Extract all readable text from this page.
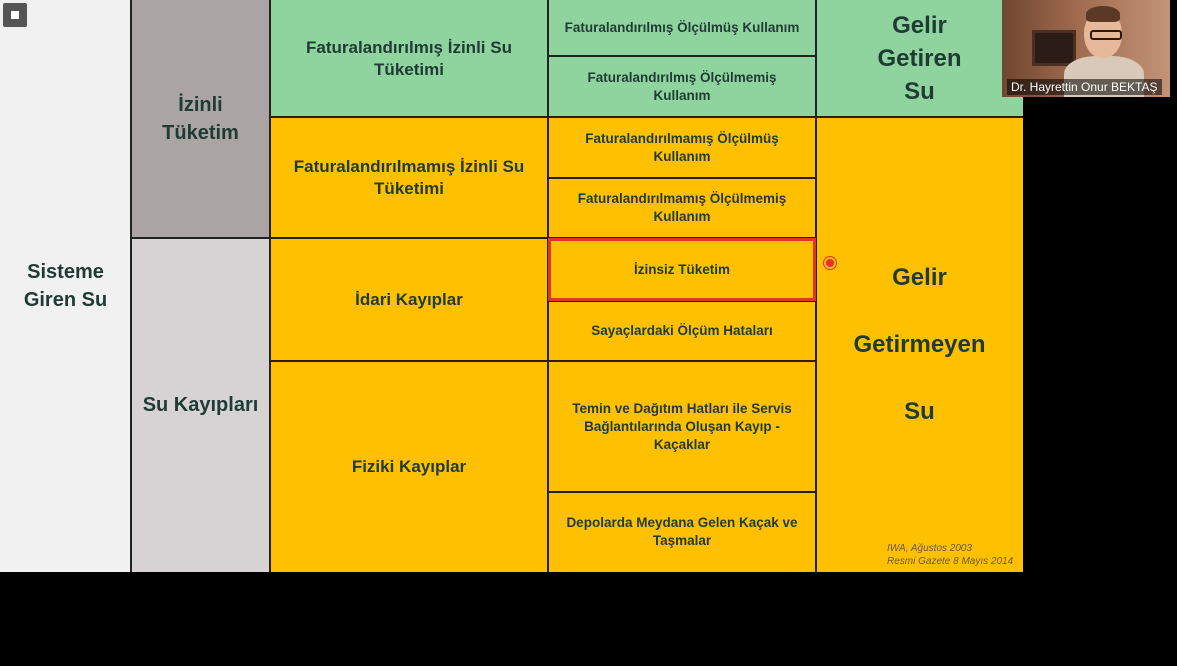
Sisteme Giren Su
İzinli Tüketim
Su Kayıpları
Faturalandırılmış İzinli Su Tüketimi
Faturalandırılmamış İzinli Su Tüketimi
İdari Kayıplar
Fiziki Kayıplar
Faturalandırılmış Ölçülmüş Kullanım
Faturalandırılmış Ölçülmemiş Kullanım
Faturalandırılmamış Ölçülmüş Kullanım
Faturalandırılmamış Ölçülmemiş Kullanım
İzinsiz Tüketim
Sayaçlardaki Ölçüm Hataları
Temin ve Dağıtım Hatları ile Servis Bağlantılarında Oluşan Kayıp - Kaçaklar
Depolarda Meydana Gelen Kaçak ve Taşmalar
Gelir
Getiren
Su
Gelir
Getirmeyen
Su
IWA, Ağustos 2003
Resmi Gazete 8 Mayıs 2014
Dr. Hayrettin Onur BEKTAŞ
